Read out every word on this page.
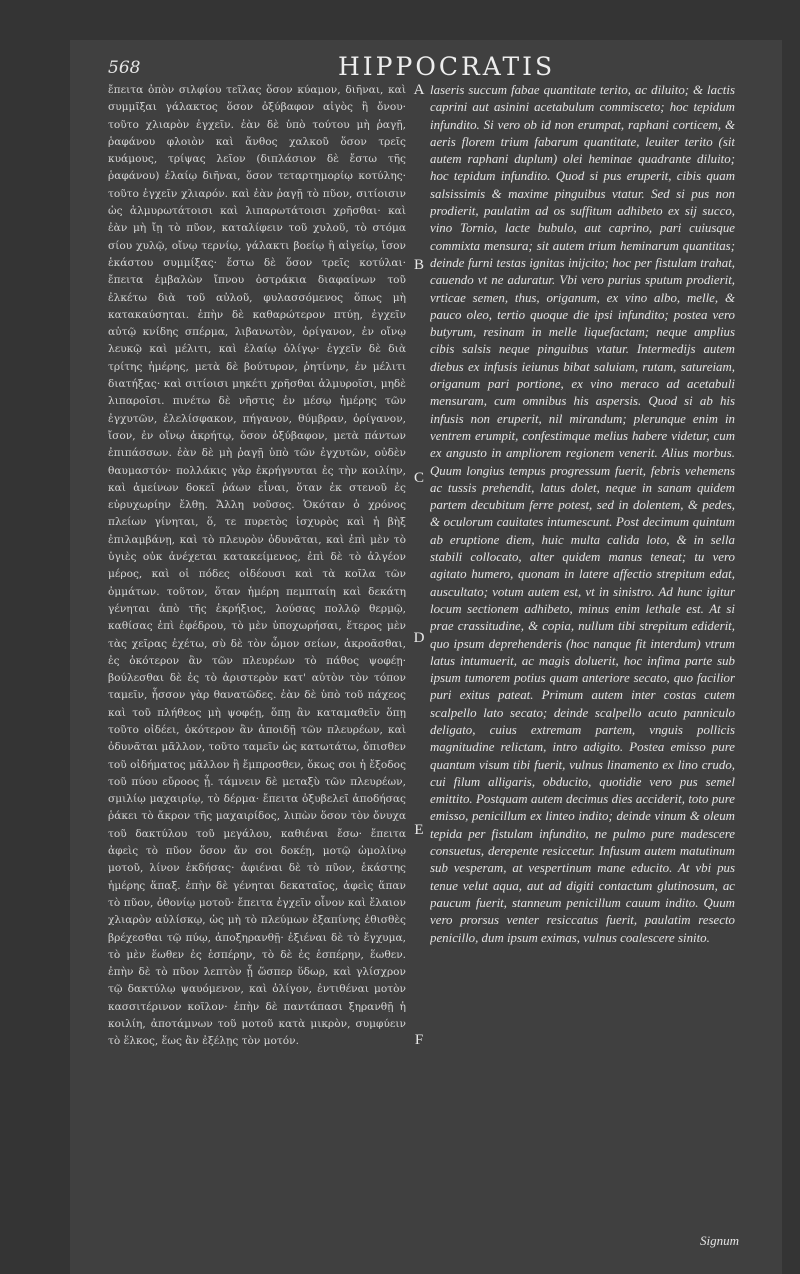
568	HIPPOCRATIS
ἔπειτα ὀπὸν σιλφίου τεῖλας ὅσον κύαμον, διῆναι, καὶ συμμῖξαι γάλακτος ὅσον ὀξύβαφον αἰγὸς ἢ ὄνου· τοῦτο χλιαρὸν ἐγχεῖν. ἐὰν δὲ ὑπὸ τούτου μὴ ῥαγῇ, ῥαφάνου φλοιὸν καὶ ἄνθος χαλκοῦ ὅσον τρεῖς κυάμους, τρίψας λεῖον (διπλάσιον δὲ ἔστω τῆς ῥαφάνου) ἐλαίῳ διῆναι, ὅσον τεταρτημορίῳ κοτύλης· τοῦτο ἐγχεῖν χλιαρόν. καὶ ἐὰν ῥαγῇ τὸ πῦον, σιτίοισιν ὡς ἁλμυρωτάτοισι καὶ λιπαρωτάτοισι χρῆσθαι· καὶ ἐὰν μὴ ἴῃ τὸ πῦον, καταλίφειν τοῦ χυλοῦ, τὸ στόμα σίου χυλῷ, οἴνῳ τερνίῳ, γάλακτι βοείῳ ἢ αἰγείῳ, ἴσον ἑκάστου συμμίξας· ἔστω δὲ ὅσον τρεῖς κοτύλαι· ἔπειτα ἐμβαλὼν ἴπνου ὀστράκια διαφαίνων τοῦ ἐλκέτω διὰ τοῦ αὐλοῦ, φυλασσόμενος ὅπως μὴ κατακαύσηται. ἐπὴν δὲ καθαρώτερον πτύῃ, ἐγχεῖν αὐτῷ κνίδης σπέρμα, λιβανωτὸν, ὀρίγανον, ἐν οἴνῳ λευκῷ καὶ μέλιτι, καὶ ἐλαίῳ ὀλίγῳ· ἐγχεῖν δὲ διὰ τρίτης ἡμέρης, μετὰ δὲ βούτυρον, ῥητίνην, ἐν μέλιτι διατήξας· καὶ σιτίοισι μηκέτι χρῆσθαι ἁλμυροῖσι, μηδὲ λιπαροῖσι. πινέτω δὲ νῆστις ἐν μέσῳ ἡμέρης τῶν ἐγχυτῶν, ἐλελίσφακον, πήγανον, θύμβραν, ὀρίγανον, ἴσον, ἐν οἴνῳ ἀκρήτῳ, ὅσον ὀξύβαφον, μετὰ πάντων ἐπιπάσσων. ἐὰν δὲ μὴ ῥαγῇ ὑπὸ τῶν ἐγχυτῶν, οὐδὲν θαυμαστόν· πολλάκις γὰρ ἐκρήγνυται ἐς τὴν κοιλίην, καὶ ἀμείνων δοκεῖ ῥάων εἶναι, ὅταν ἐκ στενοῦ ἐς εὐρυχωρίην ἔλθῃ. Ἄλλη νοῦσος. Ὁκόταν ὁ χρόνος πλείων γίνηται, ὅ, τε πυρετὸς ἰσχυρὸς καὶ ἡ βὴξ ἐπιλαμβάνῃ, καὶ τὸ πλευρὸν ὀδυνᾶται, καὶ ἐπὶ μὲν τὸ ὑγιὲς οὐκ ἀνέχεται κατακείμενος, ἐπὶ δὲ τὸ ἀλγέον μέρος, καὶ οἱ πόδες οἰδέουσι καὶ τὰ κοῖλα τῶν ὀμμάτων. τοῦτον, ὅταν ἡμέρη πεμπταίη καὶ δεκάτη γένηται ἀπὸ τῆς ἐκρήξιος, λούσας πολλῷ θερμῷ, καθίσας ἐπὶ ἐφέδρου, τὸ μὲν ὑποχωρήσαι, ἕτερος μὲν τὰς χεῖρας ἐχέτω, σὺ δὲ τὸν ὦμον σείων, ἀκροᾶσθαι, ἐς ὁκότερον ἂν τῶν πλευρέων τὸ πάθος ψοφέῃ· βούλεσθαι δὲ ἐς τὸ ἀριστερὸν κατ' αὐτὸν τὸν τόπον ταμεῖν, ἧσσον γὰρ θανατῶδες. ἐὰν δὲ ὑπὸ τοῦ πάχεος καὶ τοῦ πλήθεος μὴ ψοφέῃ, ὅπῃ ἂν καταμαθεῖν ὅπῃ τοῦτο οἰδέει, ὁκότερον ἂν ἀποιδῇ τῶν πλευρέων, καὶ ὀδυνᾶται μᾶλλον, τοῦτο ταμεῖν ὡς κατωτάτω, ὄπισθεν τοῦ οἰδήματος μᾶλλον ἢ ἔμπροσθεν, ὅκως σοι ἡ ἔξοδος τοῦ πύου εὔροος ᾖ. τάμνειν δὲ μεταξὺ τῶν πλευρέων, σμιλίῳ μαχαιρίῳ, τὸ δέρμα· ἔπειτα ὀξυβελεῖ ἀποδήσας ῥάκει τὸ ἄκρον τῆς μαχαιρίδος, λιπὼν ὅσον τὸν ὄνυχα τοῦ δακτύλου τοῦ μεγάλου, καθιέναι ἔσω· ἔπειτα ἀφεὶς τὸ πῦον ὅσον ἄν σοι δοκέῃ, μοτῷ ὠμολίνῳ μοτοῦ, λίνον ἐκδήσας· ἀφιέναι δὲ τὸ πῦον, ἑκάστης ἡμέρης ἅπαξ. ἐπὴν δὲ γένηται δεκαταῖος, ἀφεὶς ἅπαν τὸ πῦον, ὀθονίῳ μοτοῦ· ἔπειτα ἐγχεῖν οἶνον καὶ ἔλαιον χλιαρὸν αὐλίσκῳ, ὡς μὴ τὸ πλεύμων ἐξαπίνης ἐθισθὲς βρέχεσθαι τῷ πύῳ, ἀποξηρανθῇ· ἐξιέναι δὲ τὸ ἔγχυμα, τὸ μὲν ἕωθεν ἐς ἑσπέρην, τὸ δὲ ἐς ἑσπέρην, ἕωθεν. ἐπὴν δὲ τὸ πῦον λεπτὸν ᾖ ὥσπερ ὕδωρ, καὶ γλίσχρον τῷ δακτύλῳ ψαυόμενον, καὶ ὀλίγον, ἐντιθέναι μοτὸν κασσιτέρινον κοῖλον· ἐπὴν δὲ παντάπασι ξηρανθῇ ἡ κοιλίη, ἀποτάμνων τοῦ μοτοῦ κατὰ μικρὸν, συμφύειν τὸ ἕλκος, ἕως ἂν ἐξέλῃς τὸν μοτόν.
A
B
C
D
E
F
laseris succum fabae quantitate terito, ac diluito; & lactis caprini aut asinini acetabulum commisceto; hoc tepidum infundito. Si vero ob id non erumpat, raphani corticem, & aeris florem trium fabarum quantitate, leuiter terito (sit autem raphani duplum) olei heminae quadrante diluito; hoc tepidum infundito. Quod si pus eruperit, cibis quam salsissimis & maxime pinguibus vtatur. Sed si pus non prodierit, paulatim ad os suffitum adhibeto ex sij succo, vino Tornio, lacte bubulo, aut caprino, pari cuiusque commixta mensura; sit autem trium heminarum quantitas; deinde furni testas ignitas inijcito; hoc per fistulam trahat, cauendo vt ne aduratur. Vbi vero purius sputum prodierit, vrticae semen, thus, origanum, ex vino albo, melle, & pauco oleo, tertio quoque die ipsi infundito; postea vero butyrum, resinam in melle liquefactam; neque amplius cibis salsis neque pinguibus vtatur. Intermedijs autem diebus ex infusis ieiunus bibat saluiam, rutam, satureiam, origanum pari portione, ex vino meraco ad acetabuli mensuram, cum omnibus his aspersis. Quod si ab his infusis non eruperit, nil mirandum; plerunque enim in ventrem erumpit, confestimque melius habere videtur, cum ex angusto in ampliorem regionem venerit. Alius morbus. Quum longius tempus progressum fuerit, febris vehemens ac tussis prehendit, latus dolet, neque in sanam quidem partem decubitum ferre potest, sed in dolentem, & pedes, & oculorum cauitates intumescunt. Post decimum quintum ab eruptione diem, huic multa calida loto, & in sella stabili collocato, alter quidem manus teneat; tu vero agitato humero, quonam in latere affectio strepitum edat, auscultato; votum autem est, vt in sinistro. Ad hunc igitur locum sectionem adhibeto, minus enim lethale est. At si prae crassitudine, & copia, nullum tibi strepitum ediderit, quo ipsum deprehenderis (hoc nanque fit interdum) vtrum latus intumuerit, ac magis doluerit, hoc infima parte sub ipsum tumorem potius quam anteriore secato, quo facilior puri exitus pateat. Primum autem inter costas cutem scalpello lato secato; deinde scalpello acuto panniculo deligato, cuius extremam partem, vnguis pollicis magnitudine relictam, intro adigito. Postea emisso pure quantum visum tibi fuerit, vulnus linamento ex lino crudo, cui filum alligaris, obducito, quotidie vero pus semel emittito. Postquam autem decimus dies acciderit, toto pure emisso, penicillum ex linteo indito; deinde vinum & oleum tepida per fistulam infundito, ne pulmo pure madescere consuetus, derepente resiccetur. Infusum autem matutinum sub vesperam, at vespertinum mane educito. At vbi pus tenue velut aqua, aut ad digiti contactum glutinosum, ac paucum fuerit, stanneum penicillum cauum indito. Quum vero prorsus venter resiccatus fuerit, paulatim resecto penicillo, dum ipsum eximas, vulnus coalescere sinito.
Signum
